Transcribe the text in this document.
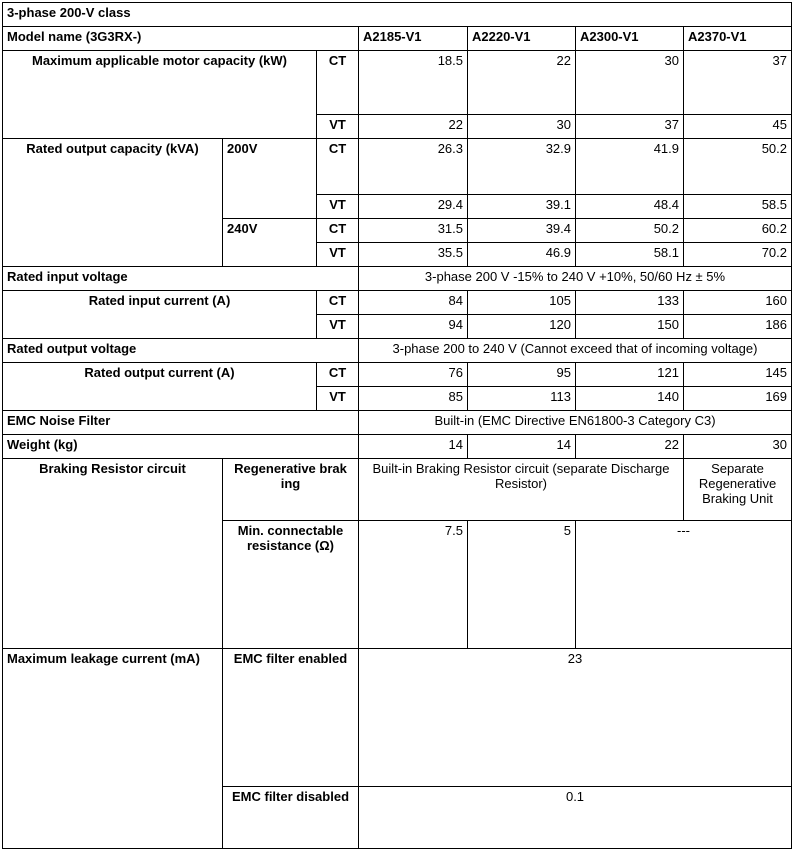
3-phase 200-V class						
Model name (3G3RX-)			A2185-V1	A2220-V1	A2300-V1	A2370-V1
Maximum applicable motor capacity (kW)		CT	18.5	22	30	37
		VT	22	30	37	45
Rated output capacity (kVA)	200V	CT	26.3	32.9	41.9	50.2
		VT	29.4	39.1	48.4	58.5
	240V	CT	31.5	39.4	50.2	60.2
		VT	35.5	46.9	58.1	70.2
Rated input voltage			3-phase 200 V -15% to 240 V +10%, 50/60 Hz ± 5%			
Rated input current (A)		CT	84	105	133	160
		VT	94	120	150	186
Rated output voltage			3-phase 200 to 240 V (Cannot exceed that of incoming voltage)			
Rated output current (A)		CT	76	95	121	145
		VT	85	113	140	169
EMC Noise Filter			Built-in (EMC Directive EN61800-3 Category C3)			
Weight (kg)			14	14	22	30
Braking Resistor circuit	Regenerative brak ing		Built-in Braking Resistor circuit (separate Discharge Resistor)			Separate Regenerative Braking Unit
	Min. connectable resistance (Ω)		7.5	5	---	
Maximum leakage current (mA)	EMC filter enabled		23			
	EMC filter disabled		0.1			
